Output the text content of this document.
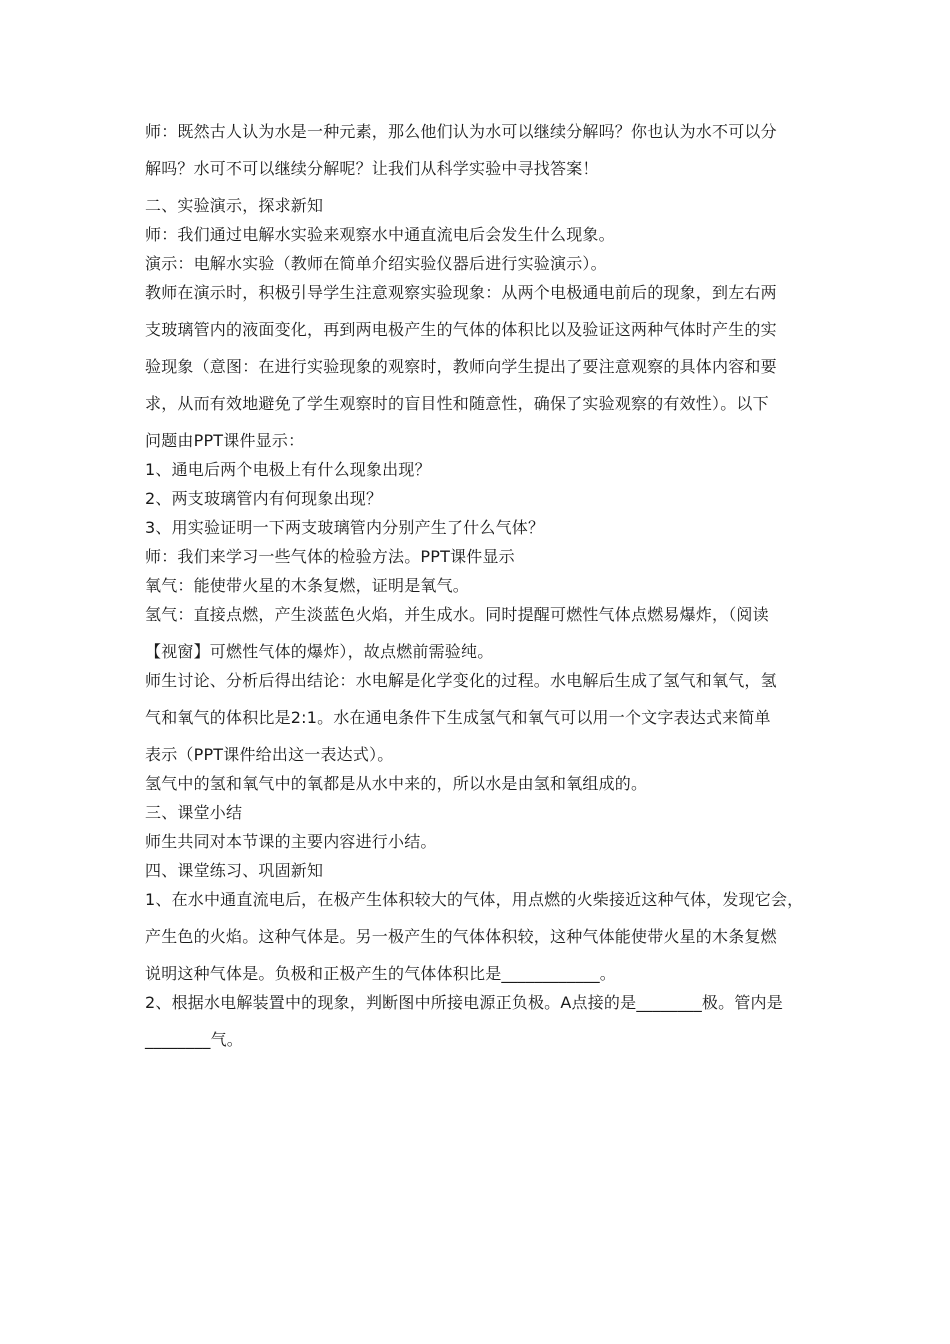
师：既然古人认为水是一种元素，那么他们认为水可以继续分解吗？你也认为水不可以分
解吗？水可不可以继续分解呢？让我们从科学实验中寻找答案！
二、实验演示，探求新知
师：我们通过电解水实验来观察水中通直流电后会发生什么现象。
演示：电解水实验（教师在简单介绍实验仪器后进行实验演示）。
教师在演示时，积极引导学生注意观察实验现象：从两个电极通电前后的现象，到左右两
支玻璃管内的液面变化，再到两电极产生的气体的体积比以及验证这两种气体时产生的实
验现象（意图：在进行实验现象的观察时，教师向学生提出了要注意观察的具体内容和要
求，从而有效地避免了学生观察时的盲目性和随意性，确保了实验观察的有效性）。以下
问题由PPT课件显示：
1、通电后两个电极上有什么现象出现？
2、两支玻璃管内有何现象出现？
3、用实验证明一下两支玻璃管内分别产生了什么气体？
师：我们来学习一些气体的检验方法。PPT课件显示
氧气：能使带火星的木条复燃，证明是氧气。
氢气：直接点燃，产生淡蓝色火焰，并生成水。同时提醒可燃性气体点燃易爆炸，（阅读
【视窗】可燃性气体的爆炸），故点燃前需验纯。
师生讨论、分析后得出结论：水电解是化学变化的过程。水电解后生成了氢气和氧气，氢
气和氧气的体积比是2:1。水在通电条件下生成氢气和氧气可以用一个文字表达式来简单
表示（PPT课件给出这一表达式）。
氢气中的氢和氧气中的氧都是从水中来的，所以水是由氢和氧组成的。
三、课堂小结
师生共同对本节课的主要内容进行小结。
四、课堂练习、巩固新知
1、在水中通直流电后，在极产生体积较大的气体，用点燃的火柴接近这种气体，发现它会，
产生色的火焰。这种气体是。另一极产生的气体体积较，这种气体能使带火星的木条复燃
说明这种气体是。负极和正极产生的气体体积比是____________。
2、根据水电解装置中的现象，判断图中所接电源正负极。A点接的是________极。管内是
________气。
